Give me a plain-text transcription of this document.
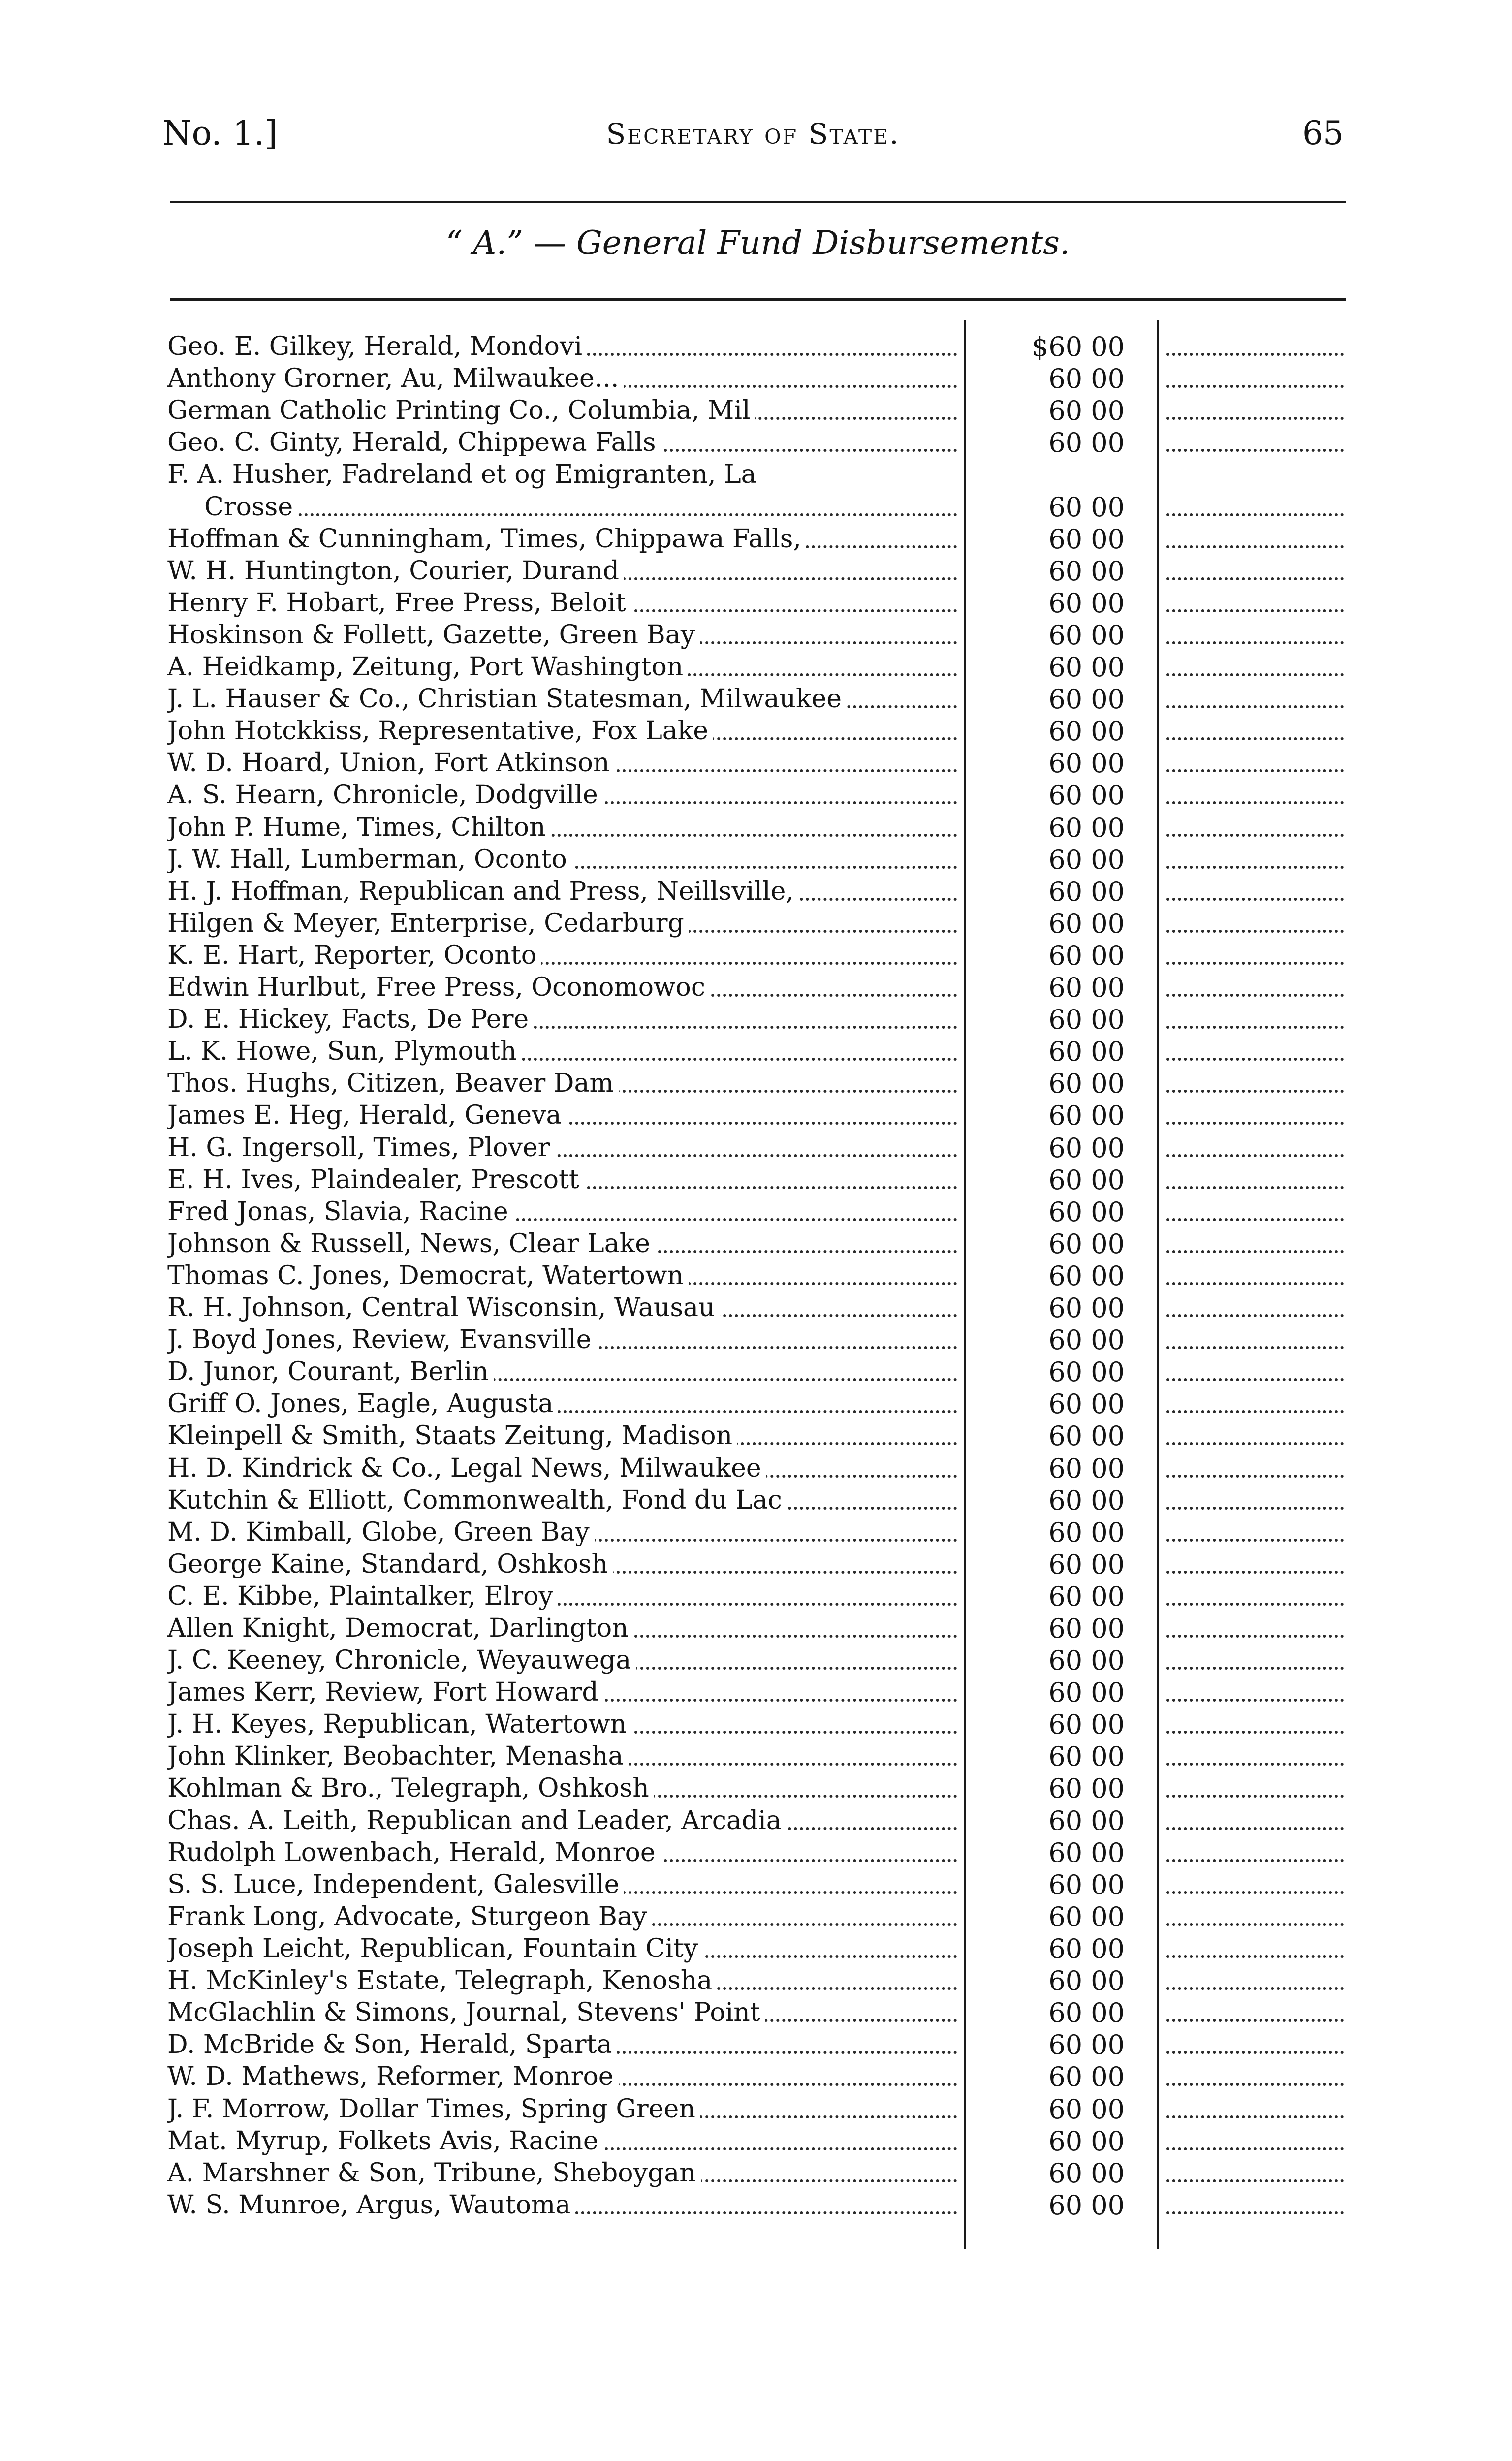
No. 1.]	Secretary of State.	65
“ A.” — General Fund Disbursements.
Geo. E. Gilkey, Herald, Mondovi	$60 00
Anthony Grorner, Au, Milwaukee...	60 00
German Catholic Printing Co., Columbia, Mil	60 00
Geo. C. Ginty, Herald, Chippewa Falls	60 00
F. A. Husher, Fadreland et og Emigranten, La
Crosse	60 00
Hoffman & Cunningham, Times, Chippawa Falls,	60 00
W. H. Huntington, Courier, Durand	60 00
Henry F. Hobart, Free Press, Beloit	60 00
Hoskinson & Follett, Gazette, Green Bay	60 00
A. Heidkamp, Zeitung, Port Washington	60 00
J. L. Hauser & Co., Christian Statesman, Milwaukee	60 00
John Hotckkiss, Representative, Fox Lake	60 00
W. D. Hoard, Union, Fort Atkinson	60 00
A. S. Hearn, Chronicle, Dodgville	60 00
John P. Hume, Times, Chilton	60 00
J. W. Hall, Lumberman, Oconto	60 00
H. J. Hoffman, Republican and Press, Neillsville,	60 00
Hilgen & Meyer, Enterprise, Cedarburg	60 00
K. E. Hart, Reporter, Oconto	60 00
Edwin Hurlbut, Free Press, Oconomowoc	60 00
D. E. Hickey, Facts, De Pere	60 00
L. K. Howe, Sun, Plymouth	60 00
Thos. Hughs, Citizen, Beaver Dam	60 00
James E. Heg, Herald, Geneva	60 00
H. G. Ingersoll, Times, Plover	60 00
E. H. Ives, Plaindealer, Prescott	60 00
Fred Jonas, Slavia, Racine	60 00
Johnson & Russell, News, Clear Lake	60 00
Thomas C. Jones, Democrat, Watertown	60 00
R. H. Johnson, Central Wisconsin, Wausau	60 00
J. Boyd Jones, Review, Evansville	60 00
D. Junor, Courant, Berlin	60 00
Griff O. Jones, Eagle, Augusta	60 00
Kleinpell & Smith, Staats Zeitung, Madison	60 00
H. D. Kindrick & Co., Legal News, Milwaukee	60 00
Kutchin & Elliott, Commonwealth, Fond du Lac	60 00
M. D. Kimball, Globe, Green Bay	60 00
George Kaine, Standard, Oshkosh	60 00
C. E. Kibbe, Plaintalker, Elroy	60 00
Allen Knight, Democrat, Darlington	60 00
J. C. Keeney, Chronicle, Weyauwega	60 00
James Kerr, Review, Fort Howard	60 00
J. H. Keyes, Republican, Watertown	60 00
John Klinker, Beobachter, Menasha	60 00
Kohlman & Bro., Telegraph, Oshkosh	60 00
Chas. A. Leith, Republican and Leader, Arcadia	60 00
Rudolph Lowenbach, Herald, Monroe	60 00
S. S. Luce, Independent, Galesville	60 00
Frank Long, Advocate, Sturgeon Bay	60 00
Joseph Leicht, Republican, Fountain City	60 00
H. McKinley's Estate, Telegraph, Kenosha	60 00
McGlachlin & Simons, Journal, Stevens' Point	60 00
D. McBride & Son, Herald, Sparta	60 00
W. D. Mathews, Reformer, Monroe	60 00
J. F. Morrow, Dollar Times, Spring Green	60 00
Mat. Myrup, Folkets Avis, Racine	60 00
A. Marshner & Son, Tribune, Sheboygan	60 00
W. S. Munroe, Argus, Wautoma	60 00
